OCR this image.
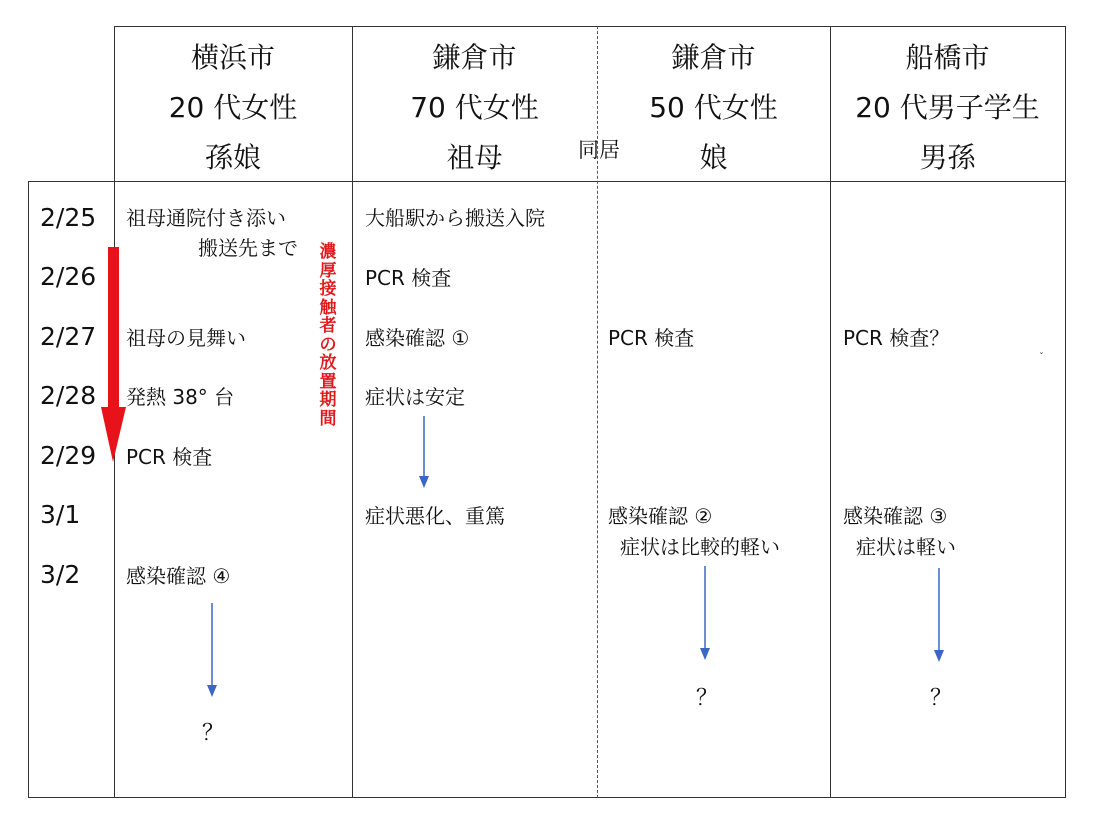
横浜市
20 代女性
孫娘
鎌倉市
70 代女性
祖母
鎌倉市
50 代女性
娘
船橋市
20 代男子学生
男孫
同居
2/25
2/26
2/27
2/28
2/29
3/1
3/2
祖母通院付き添い
搬送先まで
祖母の見舞い
発熱 38° 台
PCR 検査
感染確認 ④
？
大船駅から搬送入院
PCR 検査
感染確認 ①
症状は安定
症状悪化、重篤
PCR 検査
感染確認 ②
症状は比較的軽い
？
PCR 検査？
感染確認 ③
症状は軽い
？
濃
厚
接
触
者
の
放
置
期
間
ˇ
